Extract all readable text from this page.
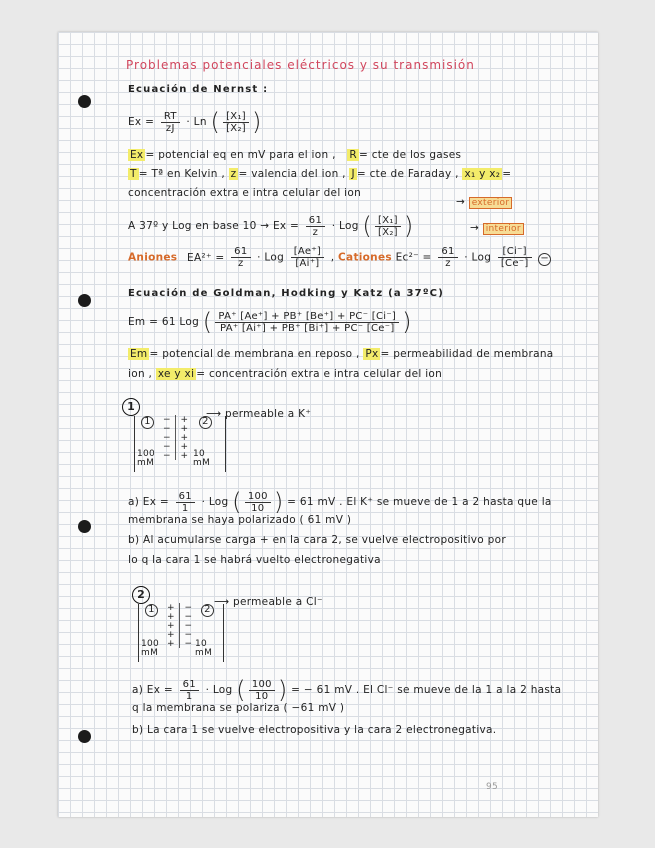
Problemas potenciales eléctricos y su transmisión
Ecuación de Nernst :
$Ex = \frac{RT}{zJ} \cdot Ln$ ( $\frac{\text{[X₁]}}{\text{[X₂]}}$ )
Ex = potencial eq en mV para el ion , R = cte de los gases
T = Tª en Kelvin , z = valencia del ion , J = cte de Faraday , x₁ y x₂ =
concentración extra e intra celular del ion
A 37º y Log en base $10 \to Ex = \frac{61}{z}$ · Log ( $\frac{\text{[X₁]}}{\text{[X₂]}}$ )
→ exterior
→ interior
Aniones $EA^{2+} = \frac{61}{z}$ · Log $\frac{[Ae^+]}{[Ai^+]}$ , Cationes $Ec^{2-} = \frac{61}{z}$ · Log $\frac{[Ci^-]}{[Ce^-]}$ −
Ecuación de Goldman, Hodking y Katz (a 37ºC)
Em = 61 Log ( $\frac{PA^+ [Ae^+] + PB^+ [Be^+] + PC^- [Ci^-]}{PA^+ [Ai^+] + PB^+ [Bi^+] + PC^- [Ce^-]}$ )
Em = potencial de membrana en reposo , Px = permeabilidad de membrana
ion , xe y xi = concentración extra e intra celular del ion
1
1	2
− | +
− | +
− | +
− | +
− | +
100
mM
10
mM
⟶ permeable a K⁺
a) $Ex = \frac{61}{1}$ · Log ( $\frac{100}{10}$ ) = 61 mV . El K⁺ se mueve de 1 a 2 hasta que la
membrana se haya polarizado ( 61 mV )
b) Al acumularse carga + en la cara 2, se vuelve electropositivo por
lo q la cara 1 se habrá vuelto electronegativa
2
1	2
+ | −
+ | −
+ | −
+ | −
+ | −
100
mM
10
mM
⟶ permeable a Cl⁻
a) $Ex = \frac{61}{1}$ · Log ( $\frac{100}{10}$ ) = − 61 mV . El Cl⁻ se mueve de la 1 a la 2 hasta
q la membrana se polariza ( −61 mV )
b) La cara 1 se vuelve electropositiva y la cara 2 electronegativa.
95
